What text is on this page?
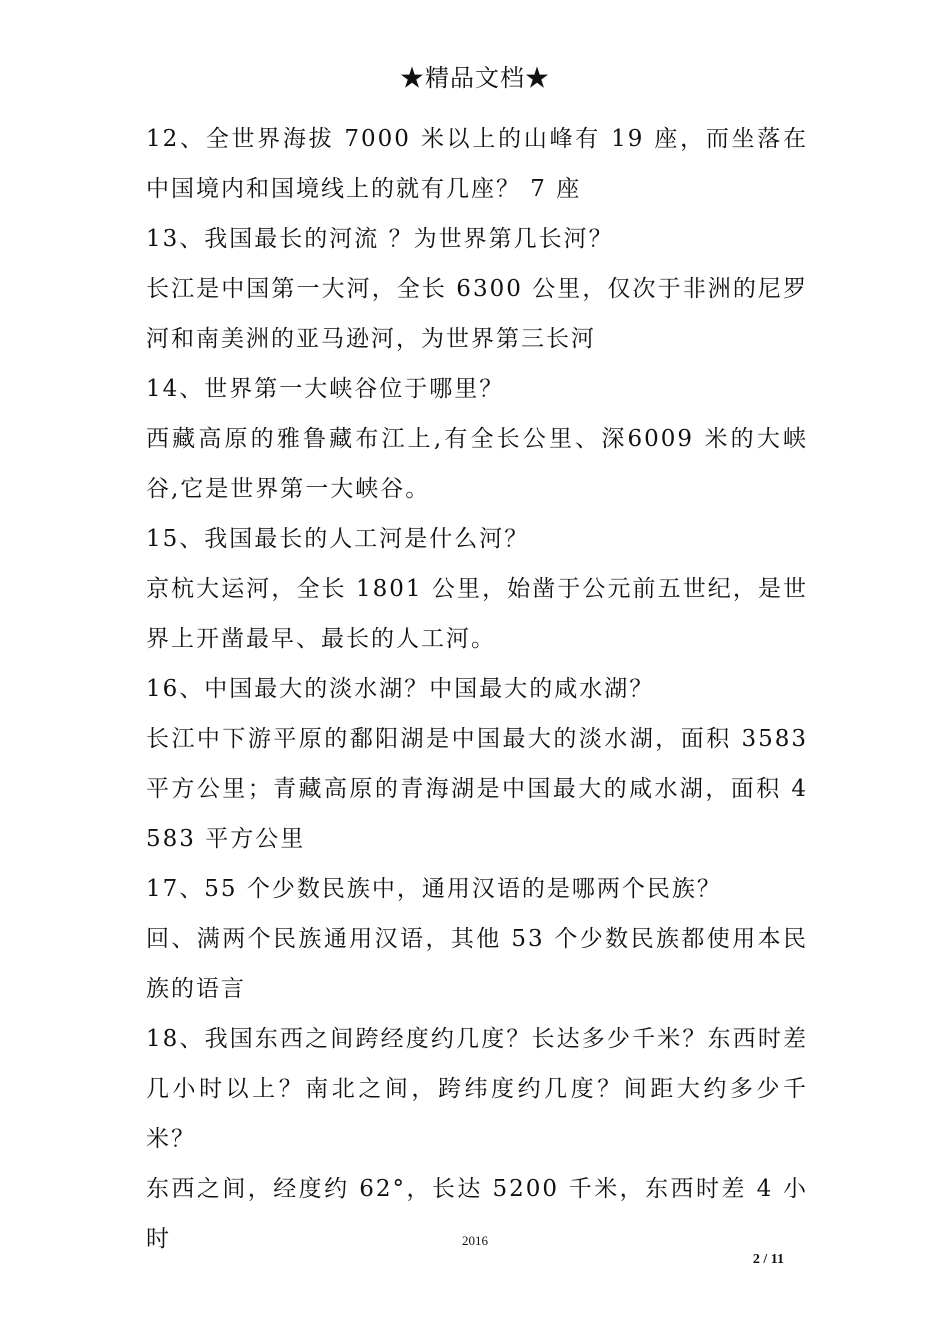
★精品文档★

12、全世界海拔 7000 米以上的山峰有 19 座，而坐落在中国境内和国境线上的就有几座？ 7 座

13、我国最长的河流 ？为世界第几长河？

长江是中国第一大河，全长 6300 公里，仅次于非洲的尼罗河和南美洲的亚马逊河，为世界第三长河

14、世界第一大峡谷位于哪里？

西藏高原的雅鲁藏布江上,有全长公里、深6009 米的大峡谷,它是世界第一大峡谷。

15、我国最长的人工河是什么河？

京杭大运河，全长 1801 公里，始凿于公元前五世纪，是世界上开凿最早、最长的人工河。

16、中国最大的淡水湖？中国最大的咸水湖？

长江中下游平原的鄱阳湖是中国最大的淡水湖，面积 3583 平方公里；青藏高原的青海湖是中国最大的咸水湖，面积 4583 平方公里

17、55 个少数民族中，通用汉语的是哪两个民族？

回、满两个民族通用汉语，其他 53 个少数民族都使用本民族的语言

18、我国东西之间跨经度约几度？长达多少千米？东西时差几小时以上？南北之间，跨纬度约几度？间距大约多少千米？

东西之间，经度约 62°，长达 5200 千米，东西时差 4 小时	2016
2 / 11
